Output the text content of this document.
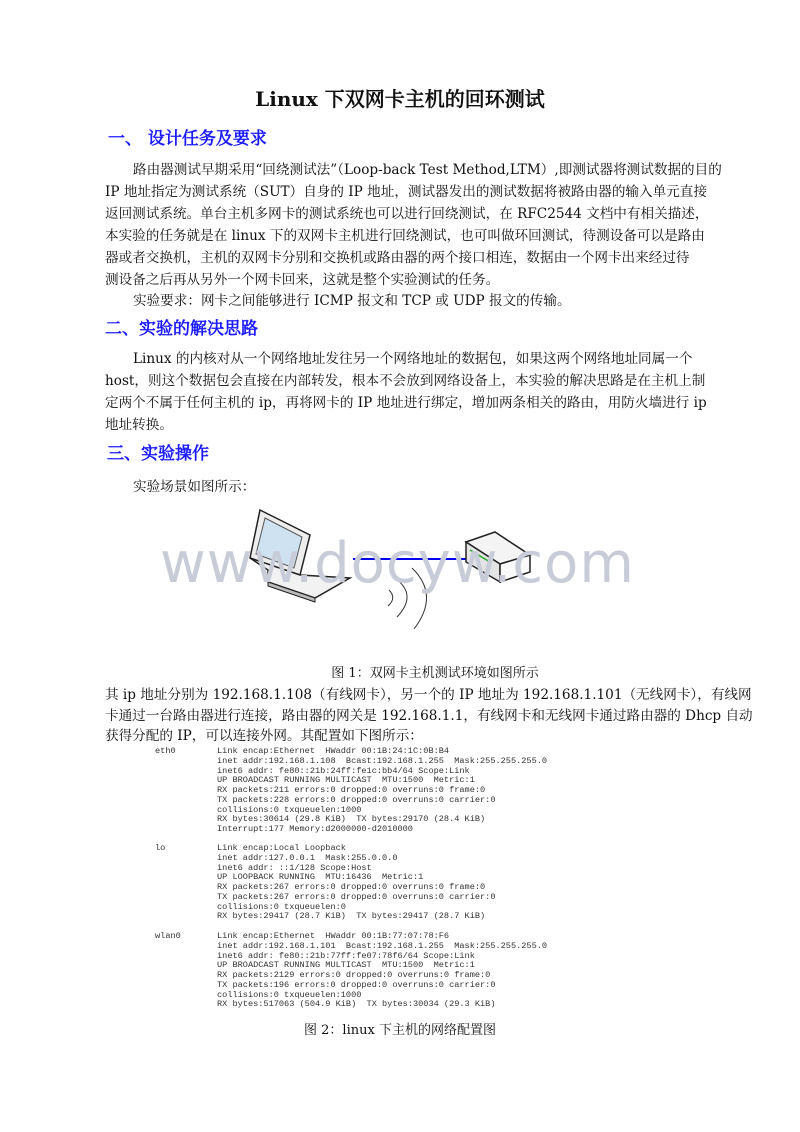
Linux 下双网卡主机的回环测试
一、 设计任务及要求
路由器测试早期采用“回绕测试法”（Loop-back Test Method,LTM）,即测试器将测试数据的目的
IP 地址指定为测试系统（SUT）自身的 IP 地址，测试器发出的测试数据将被路由器的输入单元直接
返回测试系统。单台主机多网卡的测试系统也可以进行回绕测试，在 RFC2544 文档中有相关描述，
本实验的任务就是在 linux 下的双网卡主机进行回绕测试，也可叫做环回测试，待测设备可以是路由
器或者交换机，主机的双网卡分别和交换机或路由器的两个接口相连，数据由一个网卡出来经过待
测设备之后再从另外一个网卡回来，这就是整个实验测试的任务。
实验要求：网卡之间能够进行 ICMP 报文和 TCP 或 UDP 报文的传输。
二、实验的解决思路
Linux 的内核对从一个网络地址发往另一个网络地址的数据包，如果这两个网络地址同属一个
host，则这个数据包会直接在内部转发，根本不会放到网络设备上，本实验的解决思路是在主机上制
定两个不属于任何主机的 ip，再将网卡的 IP 地址进行绑定，增加两条相关的路由，用防火墙进行 ip
地址转换。
三、实验操作
实验场景如图所示：
www.docyw.com
图 1：双网卡主机测试环境如图所示
其 ip 地址分别为 192.168.1.108（有线网卡），另一个的 IP 地址为 192.168.1.101（无线网卡），有线网
卡通过一台路由器进行连接，路由器的网关是 192.168.1.1，有线网卡和无线网卡通过路由器的 Dhcp 自动
获得分配的 IP，可以连接外网。其配置如下图所示：
eth0	Link encap:Ethernet  HWaddr 00:1B:24:1C:0B:B4
inet addr:192.168.1.108  Bcast:192.168.1.255  Mask:255.255.255.0
inet6 addr: fe80::21b:24ff:fe1c:bb4/64 Scope:Link
UP BROADCAST RUNNING MULTICAST  MTU:1500  Metric:1
RX packets:211 errors:0 dropped:0 overruns:0 frame:0
TX packets:228 errors:0 dropped:0 overruns:0 carrier:0
collisions:0 txqueuelen:1000
RX bytes:30614 (29.8 KiB)  TX bytes:29170 (28.4 KiB)
Interrupt:177 Memory:d2000000-d2010000
lo	Link encap:Local Loopback
inet addr:127.0.0.1  Mask:255.0.0.0
inet6 addr: ::1/128 Scope:Host
UP LOOPBACK RUNNING  MTU:16436  Metric:1
RX packets:267 errors:0 dropped:0 overruns:0 frame:0
TX packets:267 errors:0 dropped:0 overruns:0 carrier:0
collisions:0 txqueuelen:0
RX bytes:29417 (28.7 KiB)  TX bytes:29417 (28.7 KiB)
wlan0	Link encap:Ethernet  HWaddr 00:1B:77:07:78:F6
inet addr:192.168.1.101  Bcast:192.168.1.255  Mask:255.255.255.0
inet6 addr: fe80::21b:77ff:fe07:78f6/64 Scope:Link
UP BROADCAST RUNNING MULTICAST  MTU:1500  Metric:1
RX packets:2129 errors:0 dropped:0 overruns:0 frame:0
TX packets:196 errors:0 dropped:0 overruns:0 carrier:0
collisions:0 txqueuelen:1000
RX bytes:517063 (504.9 KiB)  TX bytes:30034 (29.3 KiB)
图 2：linux 下主机的网络配置图
